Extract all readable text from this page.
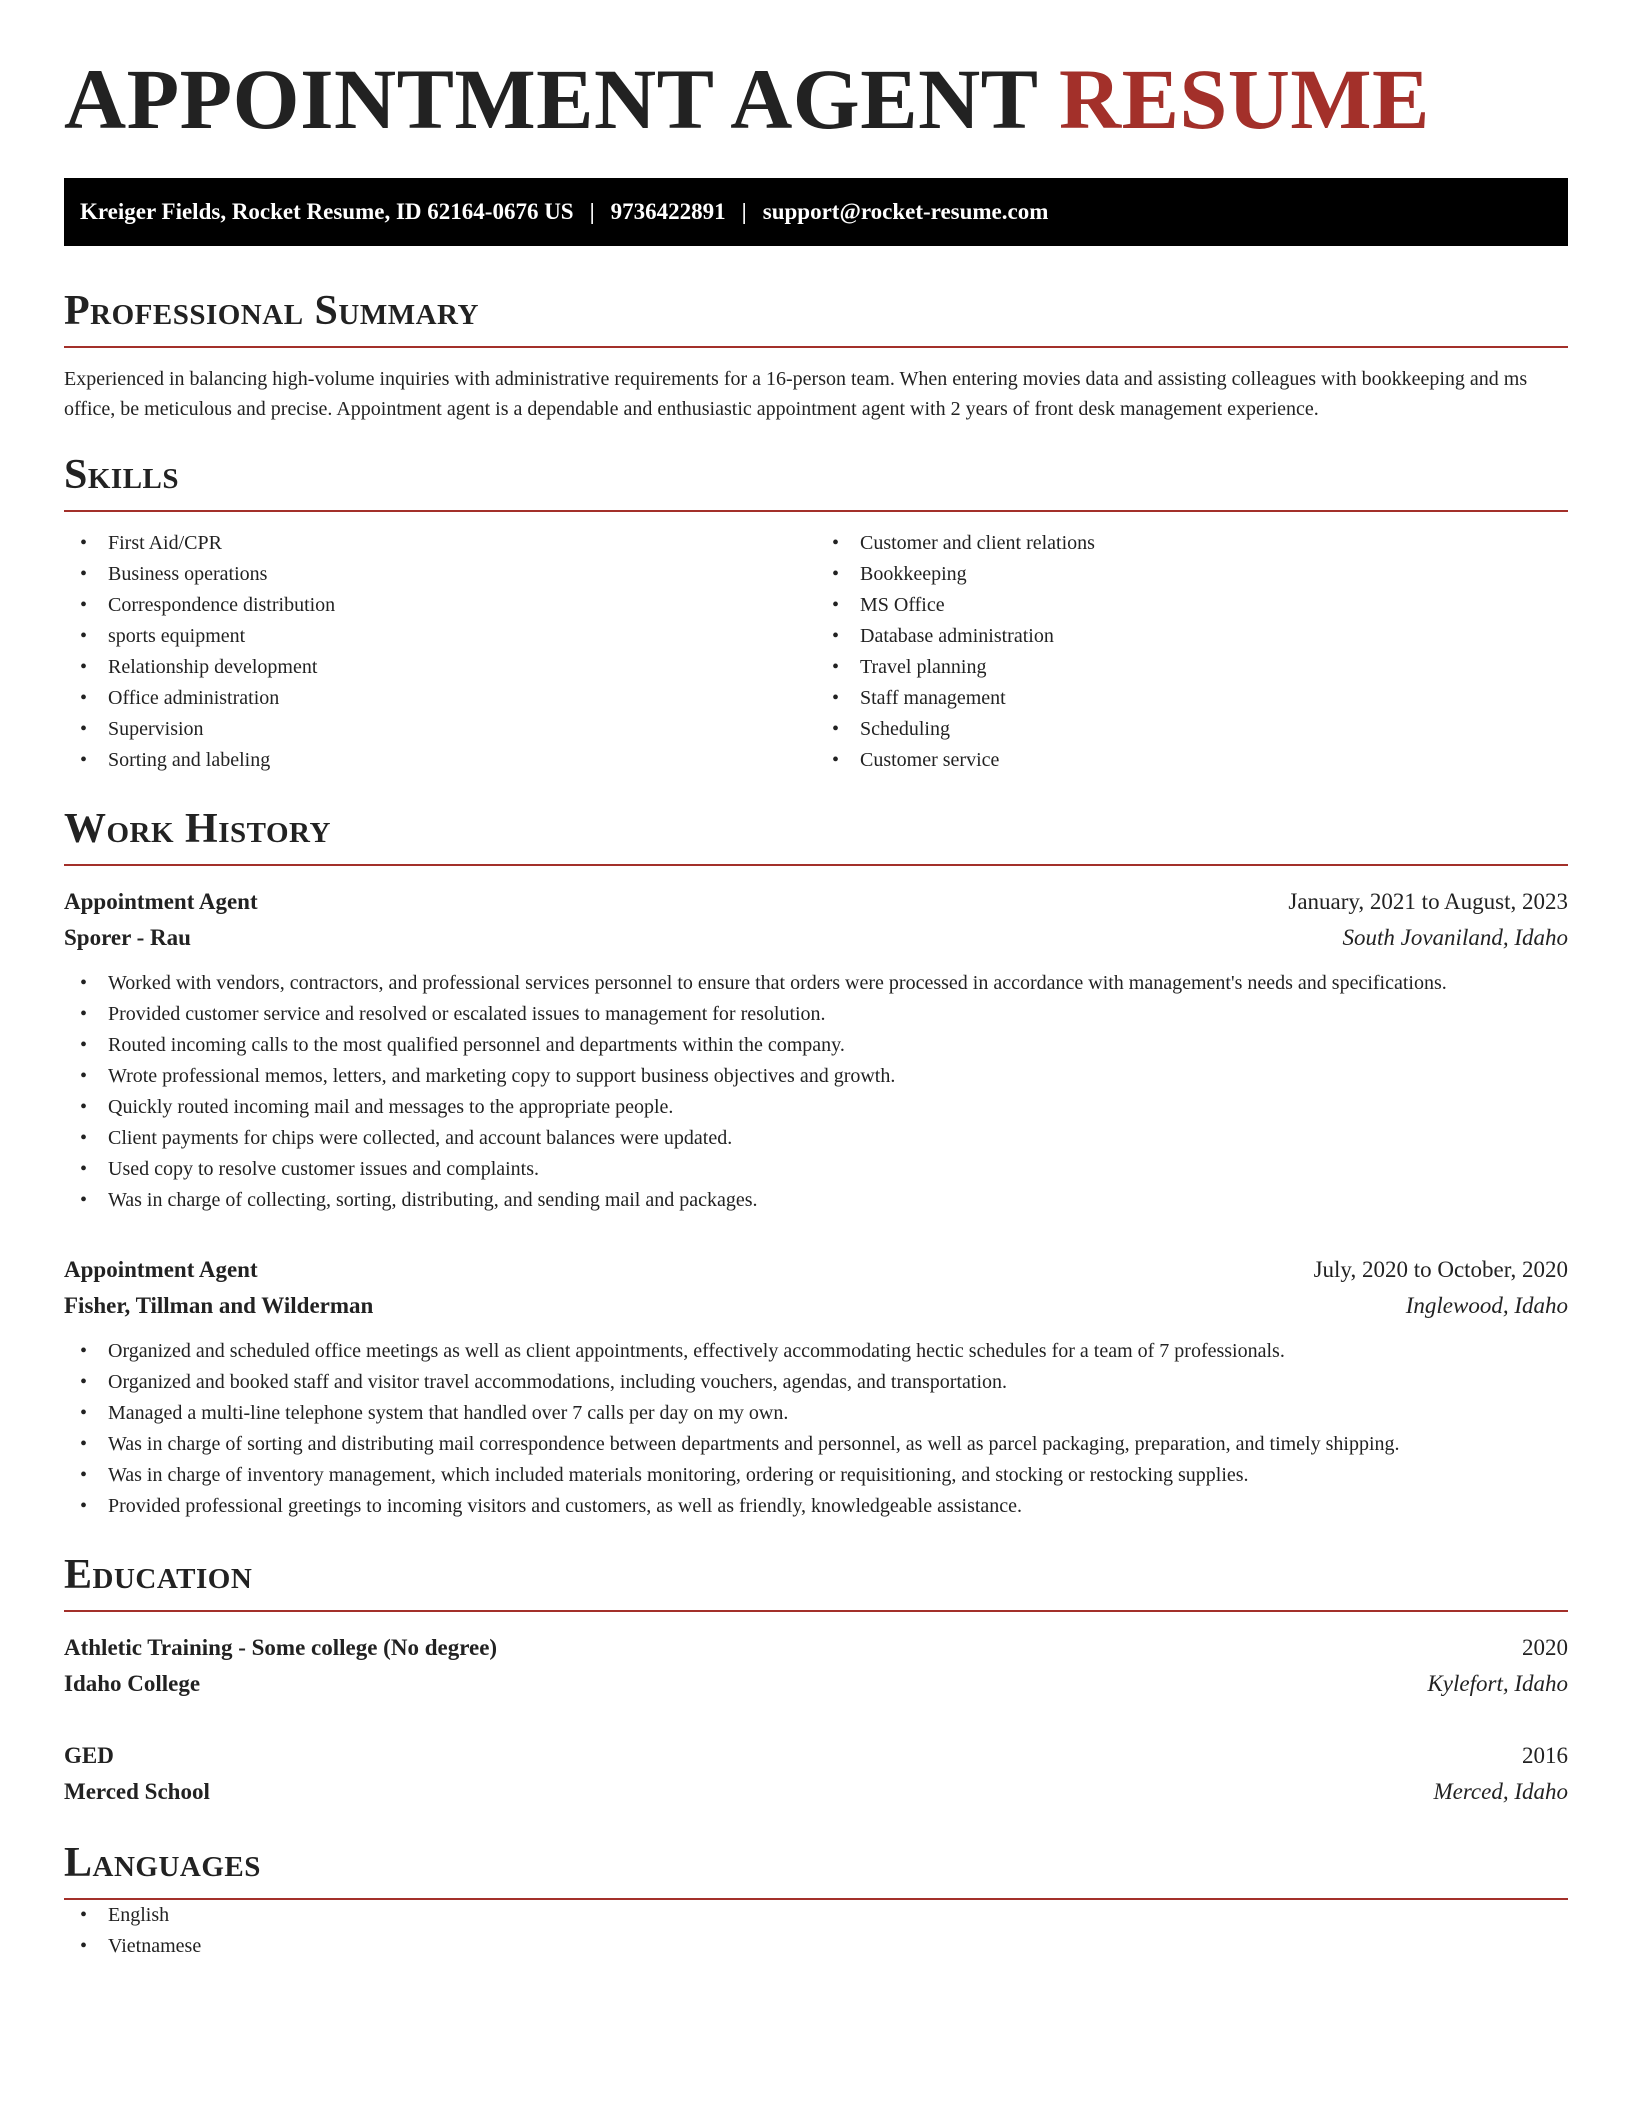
APPOINTMENT AGENT RESUME
Kreiger Fields, Rocket Resume, ID 62164-0676 US | 9736422891 | support@rocket-resume.com
Professional Summary

Experienced in balancing high-volume inquiries with administrative requirements for a 16-person team. When entering movies data and assisting colleagues with bookkeeping and ms office, be meticulous and precise. Appointment agent is a dependable and enthusiastic appointment agent with 2 years of front desk management experience.

Skills
• First Aid/CPR
• Business operations
• Correspondence distribution
• sports equipment
• Relationship development
• Office administration
• Supervision
• Sorting and labeling
• Customer and client relations
• Bookkeeping
• MS Office
• Database administration
• Travel planning
• Staff management
• Scheduling
• Customer service
Work History
Appointment Agent	January, 2021 to August, 2023
Sporer - Rau	South Jovaniland, Idaho
• Worked with vendors, contractors, and professional services personnel to ensure that orders were processed in accordance with management's needs and specifications.
• Provided customer service and resolved or escalated issues to management for resolution.
• Routed incoming calls to the most qualified personnel and departments within the company.
• Wrote professional memos, letters, and marketing copy to support business objectives and growth.
• Quickly routed incoming mail and messages to the appropriate people.
• Client payments for chips were collected, and account balances were updated.
• Used copy to resolve customer issues and complaints.
• Was in charge of collecting, sorting, distributing, and sending mail and packages.
Appointment Agent	July, 2020 to October, 2020
Fisher, Tillman and Wilderman	Inglewood, Idaho
• Organized and scheduled office meetings as well as client appointments, effectively accommodating hectic schedules for a team of 7 professionals.
• Organized and booked staff and visitor travel accommodations, including vouchers, agendas, and transportation.
• Managed a multi-line telephone system that handled over 7 calls per day on my own.
• Was in charge of sorting and distributing mail correspondence between departments and personnel, as well as parcel packaging, preparation, and timely shipping.
• Was in charge of inventory management, which included materials monitoring, ordering or requisitioning, and stocking or restocking supplies.
• Provided professional greetings to incoming visitors and customers, as well as friendly, knowledgeable assistance.
Education
Athletic Training - Some college (No degree)	2020
Idaho College	Kylefort, Idaho
GED	2016
Merced School	Merced, Idaho
Languages
• English
• Vietnamese
